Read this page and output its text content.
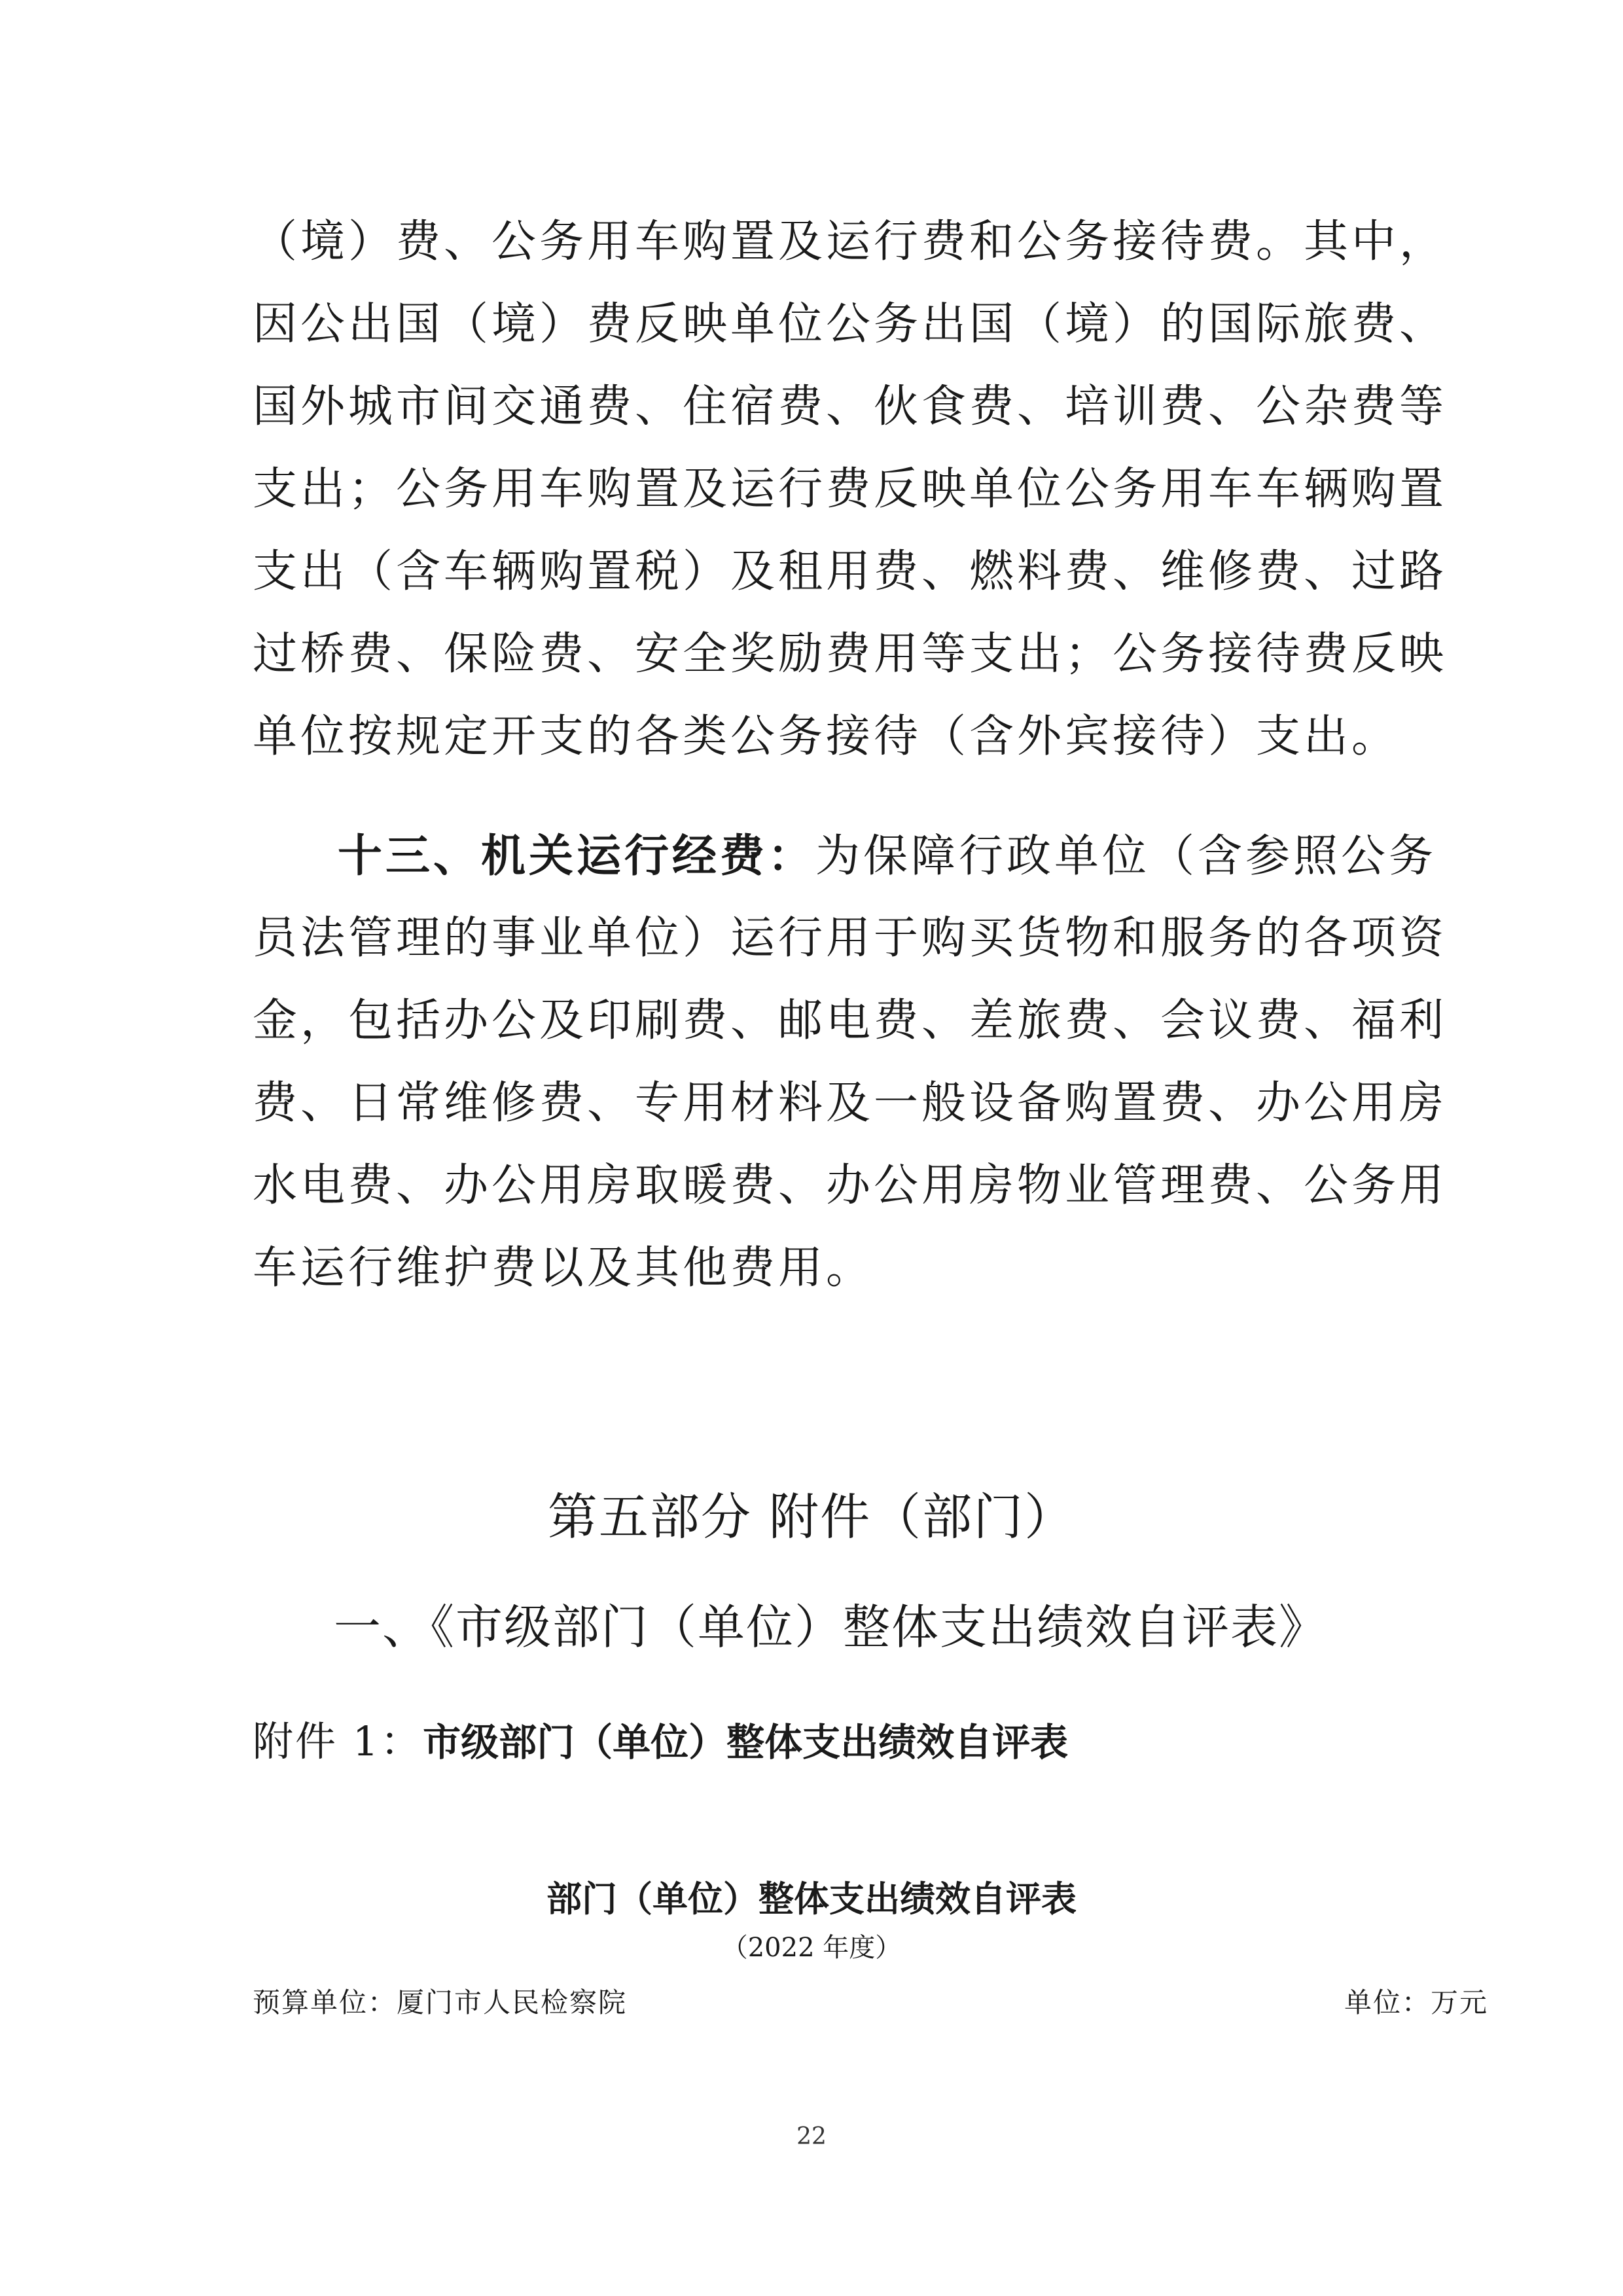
（境）费、公务用车购置及运行费和公务接待费。其中，
因公出国（境）费反映单位公务出国（境）的国际旅费、
国外城市间交通费、住宿费、伙食费、培训费、公杂费等
支出；公务用车购置及运行费反映单位公务用车车辆购置
支出（含车辆购置税）及租用费、燃料费、维修费、过路
过桥费、保险费、安全奖励费用等支出；公务接待费反映
单位按规定开支的各类公务接待（含外宾接待）支出。
十三、机关运行经费：为保障行政单位（含参照公务
员法管理的事业单位）运行用于购买货物和服务的各项资
金，包括办公及印刷费、邮电费、差旅费、会议费、福利
费、日常维修费、专用材料及一般设备购置费、办公用房
水电费、办公用房取暖费、办公用房物业管理费、公务用
车运行维护费以及其他费用。
第五部分 附件（部门）
一、《市级部门（单位）整体支出绩效自评表》
附件 1：市级部门（单位）整体支出绩效自评表
部门（单位）整体支出绩效自评表
（2022 年度）
预算单位：厦门市人民检察院	单位：万元
22
